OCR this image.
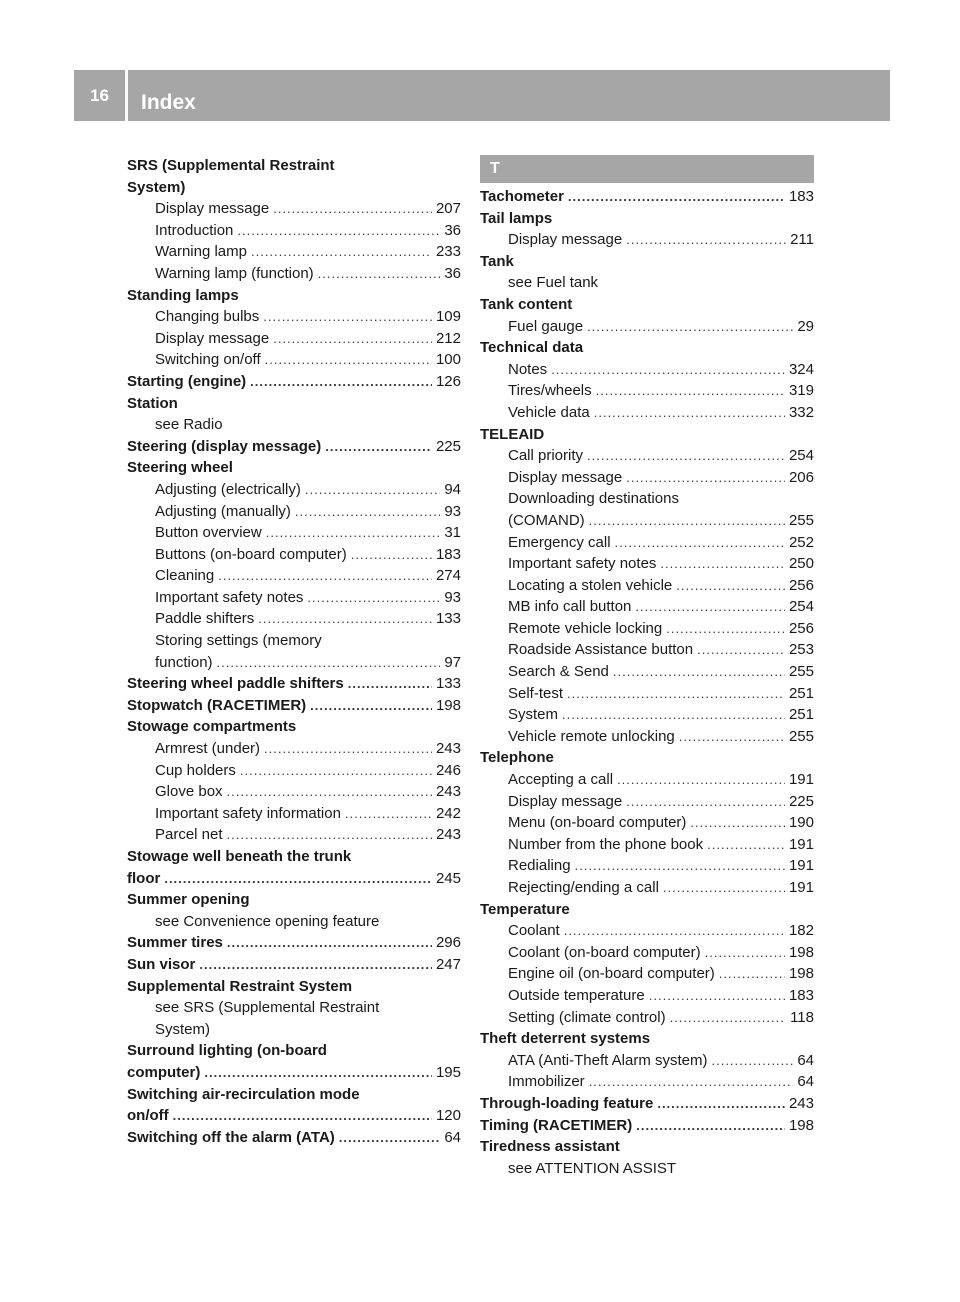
16	Index
SRS (Supplemental Restraint
System)
Display message .....	207
Introduction .....	36
Warning lamp .....	233
Warning lamp (function) .....	36
Standing lamps
Changing bulbs .....	109
Display message .....	212
Switching on/off .....	100
Starting (engine) .....	126
Station
see Radio
Steering (display message) .....	225
Steering wheel
Adjusting (electrically) .....	94
Adjusting (manually) .....	93
Button overview .....	31
Buttons (on-board computer) .....	183
Cleaning .....	274
Important safety notes .....	93
Paddle shifters .....	133
Storing settings (memory
function) .....	97
Steering wheel paddle shifters .....	133
Stopwatch (RACETIMER) .....	198
Stowage compartments
Armrest (under) .....	243
Cup holders .....	246
Glove box .....	243
Important safety information .....	242
Parcel net .....	243
Stowage well beneath the trunk
floor .....	245
Summer opening
see Convenience opening feature
Summer tires .....	296
Sun visor .....	247
Supplemental Restraint System
see SRS (Supplemental Restraint
System)
Surround lighting (on-board
computer) .....	195
Switching air-recirculation mode
on/off .....	120
Switching off the alarm (ATA) .....	64
T
Tachometer .....	183
Tail lamps
Display message .....	211
Tank
see Fuel tank
Tank content
Fuel gauge .....	29
Technical data
Notes .....	324
Tires/wheels .....	319
Vehicle data .....	332
TELEAID
Call priority .....	254
Display message .....	206
Downloading destinations
(COMAND) .....	255
Emergency call .....	252
Important safety notes .....	250
Locating a stolen vehicle .....	256
MB info call button .....	254
Remote vehicle locking .....	256
Roadside Assistance button .....	253
Search & Send .....	255
Self-test .....	251
System .....	251
Vehicle remote unlocking .....	255
Telephone
Accepting a call .....	191
Display message .....	225
Menu (on-board computer) .....	190
Number from the phone book .....	191
Redialing .....	191
Rejecting/ending a call .....	191
Temperature
Coolant .....	182
Coolant (on-board computer) .....	198
Engine oil (on-board computer) .....	198
Outside temperature .....	183
Setting (climate control) .....	118
Theft deterrent systems
ATA (Anti-Theft Alarm system) .....	64
Immobilizer .....	64
Through-loading feature .....	243
Timing (RACETIMER) .....	198
Tiredness assistant
see ATTENTION ASSIST
